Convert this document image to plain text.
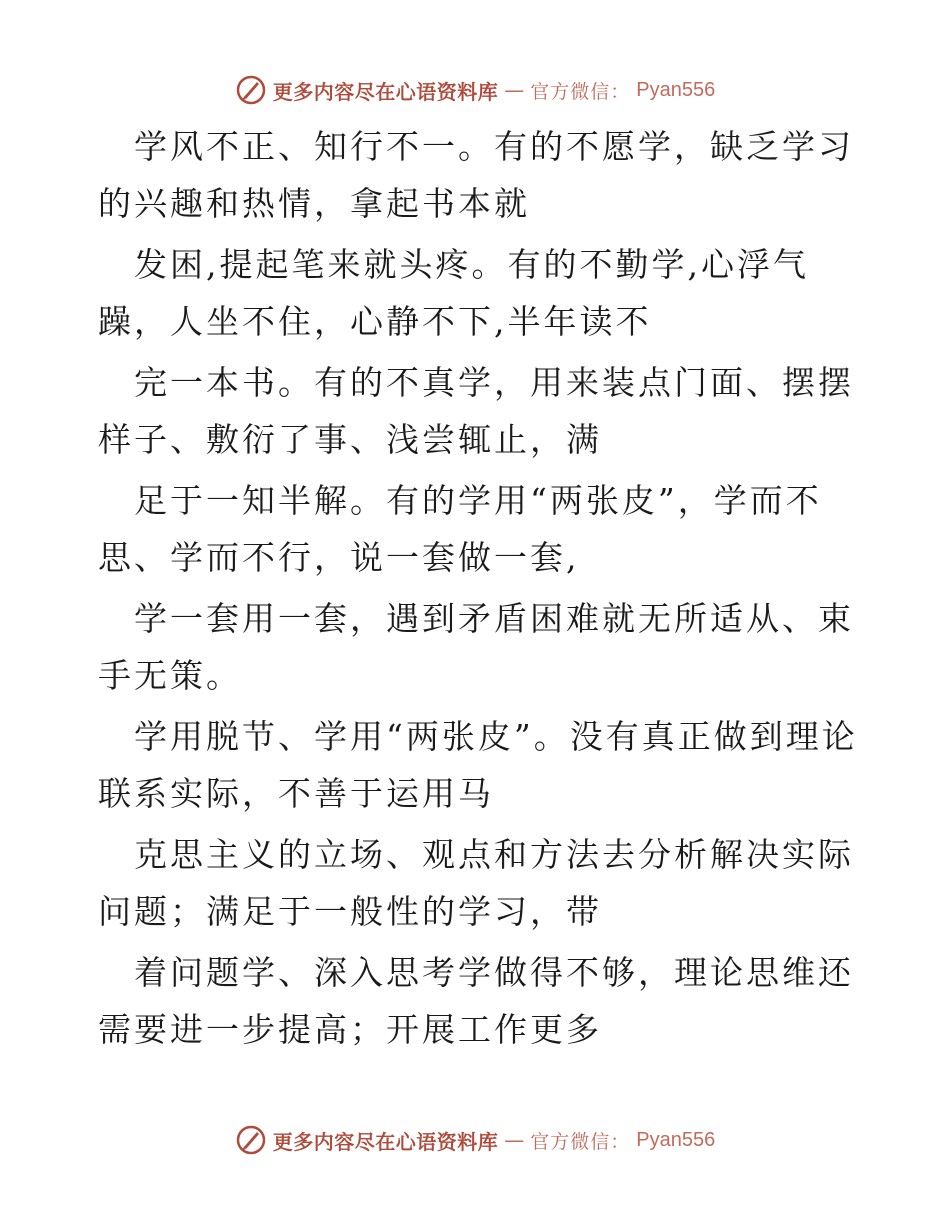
更多内容尽在心语资料库 — 官方微信： Pyan556

学风不正、知行不一。有的不愿学，缺乏学习的兴趣和热情，拿起书本就

发困,提起笔来就头疼。有的不勤学,心浮气躁，人坐不住，心静不下,半年读不

完一本书。有的不真学，用来装点门面、摆摆样子、敷衍了事、浅尝辄止，满

足于一知半解。有的学用“两张皮”，学而不思、学而不行，说一套做一套,

学一套用一套，遇到矛盾困难就无所适从、束手无策。

学用脱节、学用“两张皮”。没有真正做到理论联系实际，不善于运用马

克思主义的立场、观点和方法去分析解决实际问题；满足于一般性的学习，带

着问题学、深入思考学做得不够，理论思维还需要进一步提高；开展工作更多

更多内容尽在心语资料库 — 官方微信： Pyan556
